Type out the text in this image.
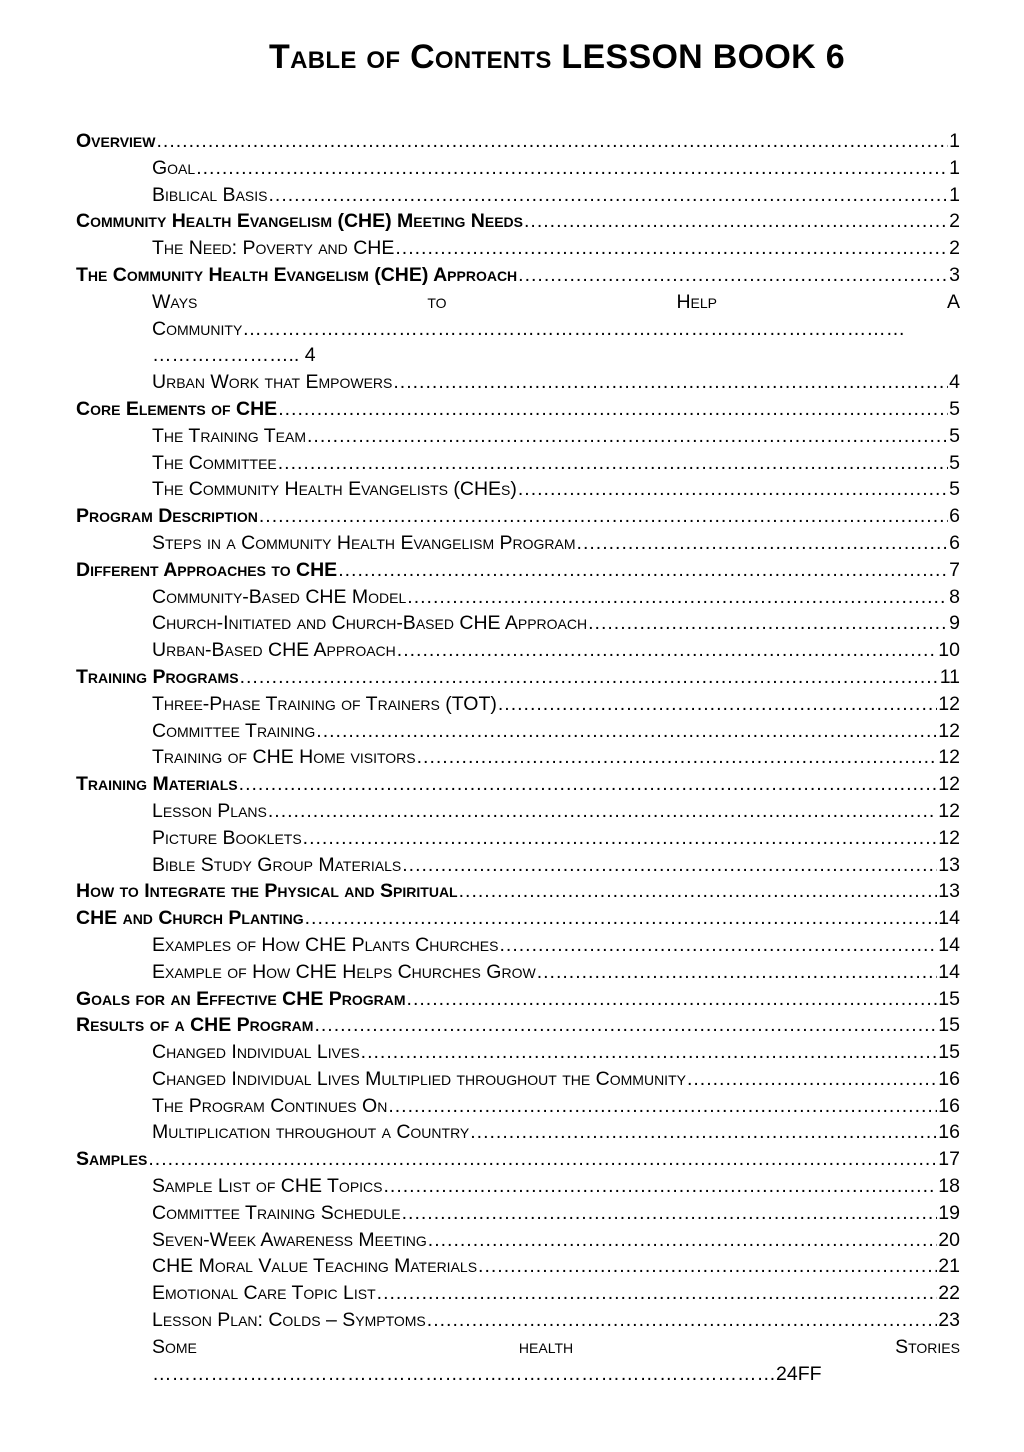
Table of Contents LESSON BOOK 6
Overview .....	1
Goal .....	1
Biblical Basis .....	1
Community Health Evangelism (CHE) Meeting Needs .....	2
The Need: Poverty and CHE .....	2
The Community Health Evangelism (CHE) Approach .....	3
Ways	to	Help	A
Community…………………………………………………………………………………………
………………….. 4
Urban Work that Empowers .....	4
Core Elements of CHE .....	5
The Training Team .....	5
The Committee .....	5
The Community Health Evangelists (CHEs) .....	5
Program Description .....	6
Steps in a Community Health Evangelism Program .....	6
Different Approaches to CHE .....	7
Community-Based CHE Model .....	8
Church-Initiated and Church-Based CHE Approach .....	9
Urban-Based CHE Approach .....	10
Training Programs .....	11
Three-Phase Training of Trainers (TOT) .....	12
Committee Training .....	12
Training of CHE Home visitors .....	12
Training Materials .....	12
Lesson Plans .....	12
Picture Booklets .....	12
Bible Study Group Materials .....	13
How to Integrate the Physical and Spiritual .....	13
CHE and Church Planting .....	14
Examples of How CHE Plants Churches .....	14
Example of How CHE Helps Churches Grow .....	14
Goals for an Effective CHE Program .....	15
Results of a CHE Program .....	15
Changed Individual Lives .....	15
Changed Individual Lives Multiplied throughout the Community .....	16
The Program Continues On .....	16
Multiplication throughout a Country .....	16
Samples .....	17
Sample List of CHE Topics .....	18
Committee Training Schedule .....	19
Seven-Week Awareness Meeting .....	20
CHE Moral Value Teaching Materials .....	21
Emotional Care Topic List .....	22
Lesson Plan: Colds – Symptoms .....	23
Some	health	Stories
…………………………………………………………………………………… 24FF
